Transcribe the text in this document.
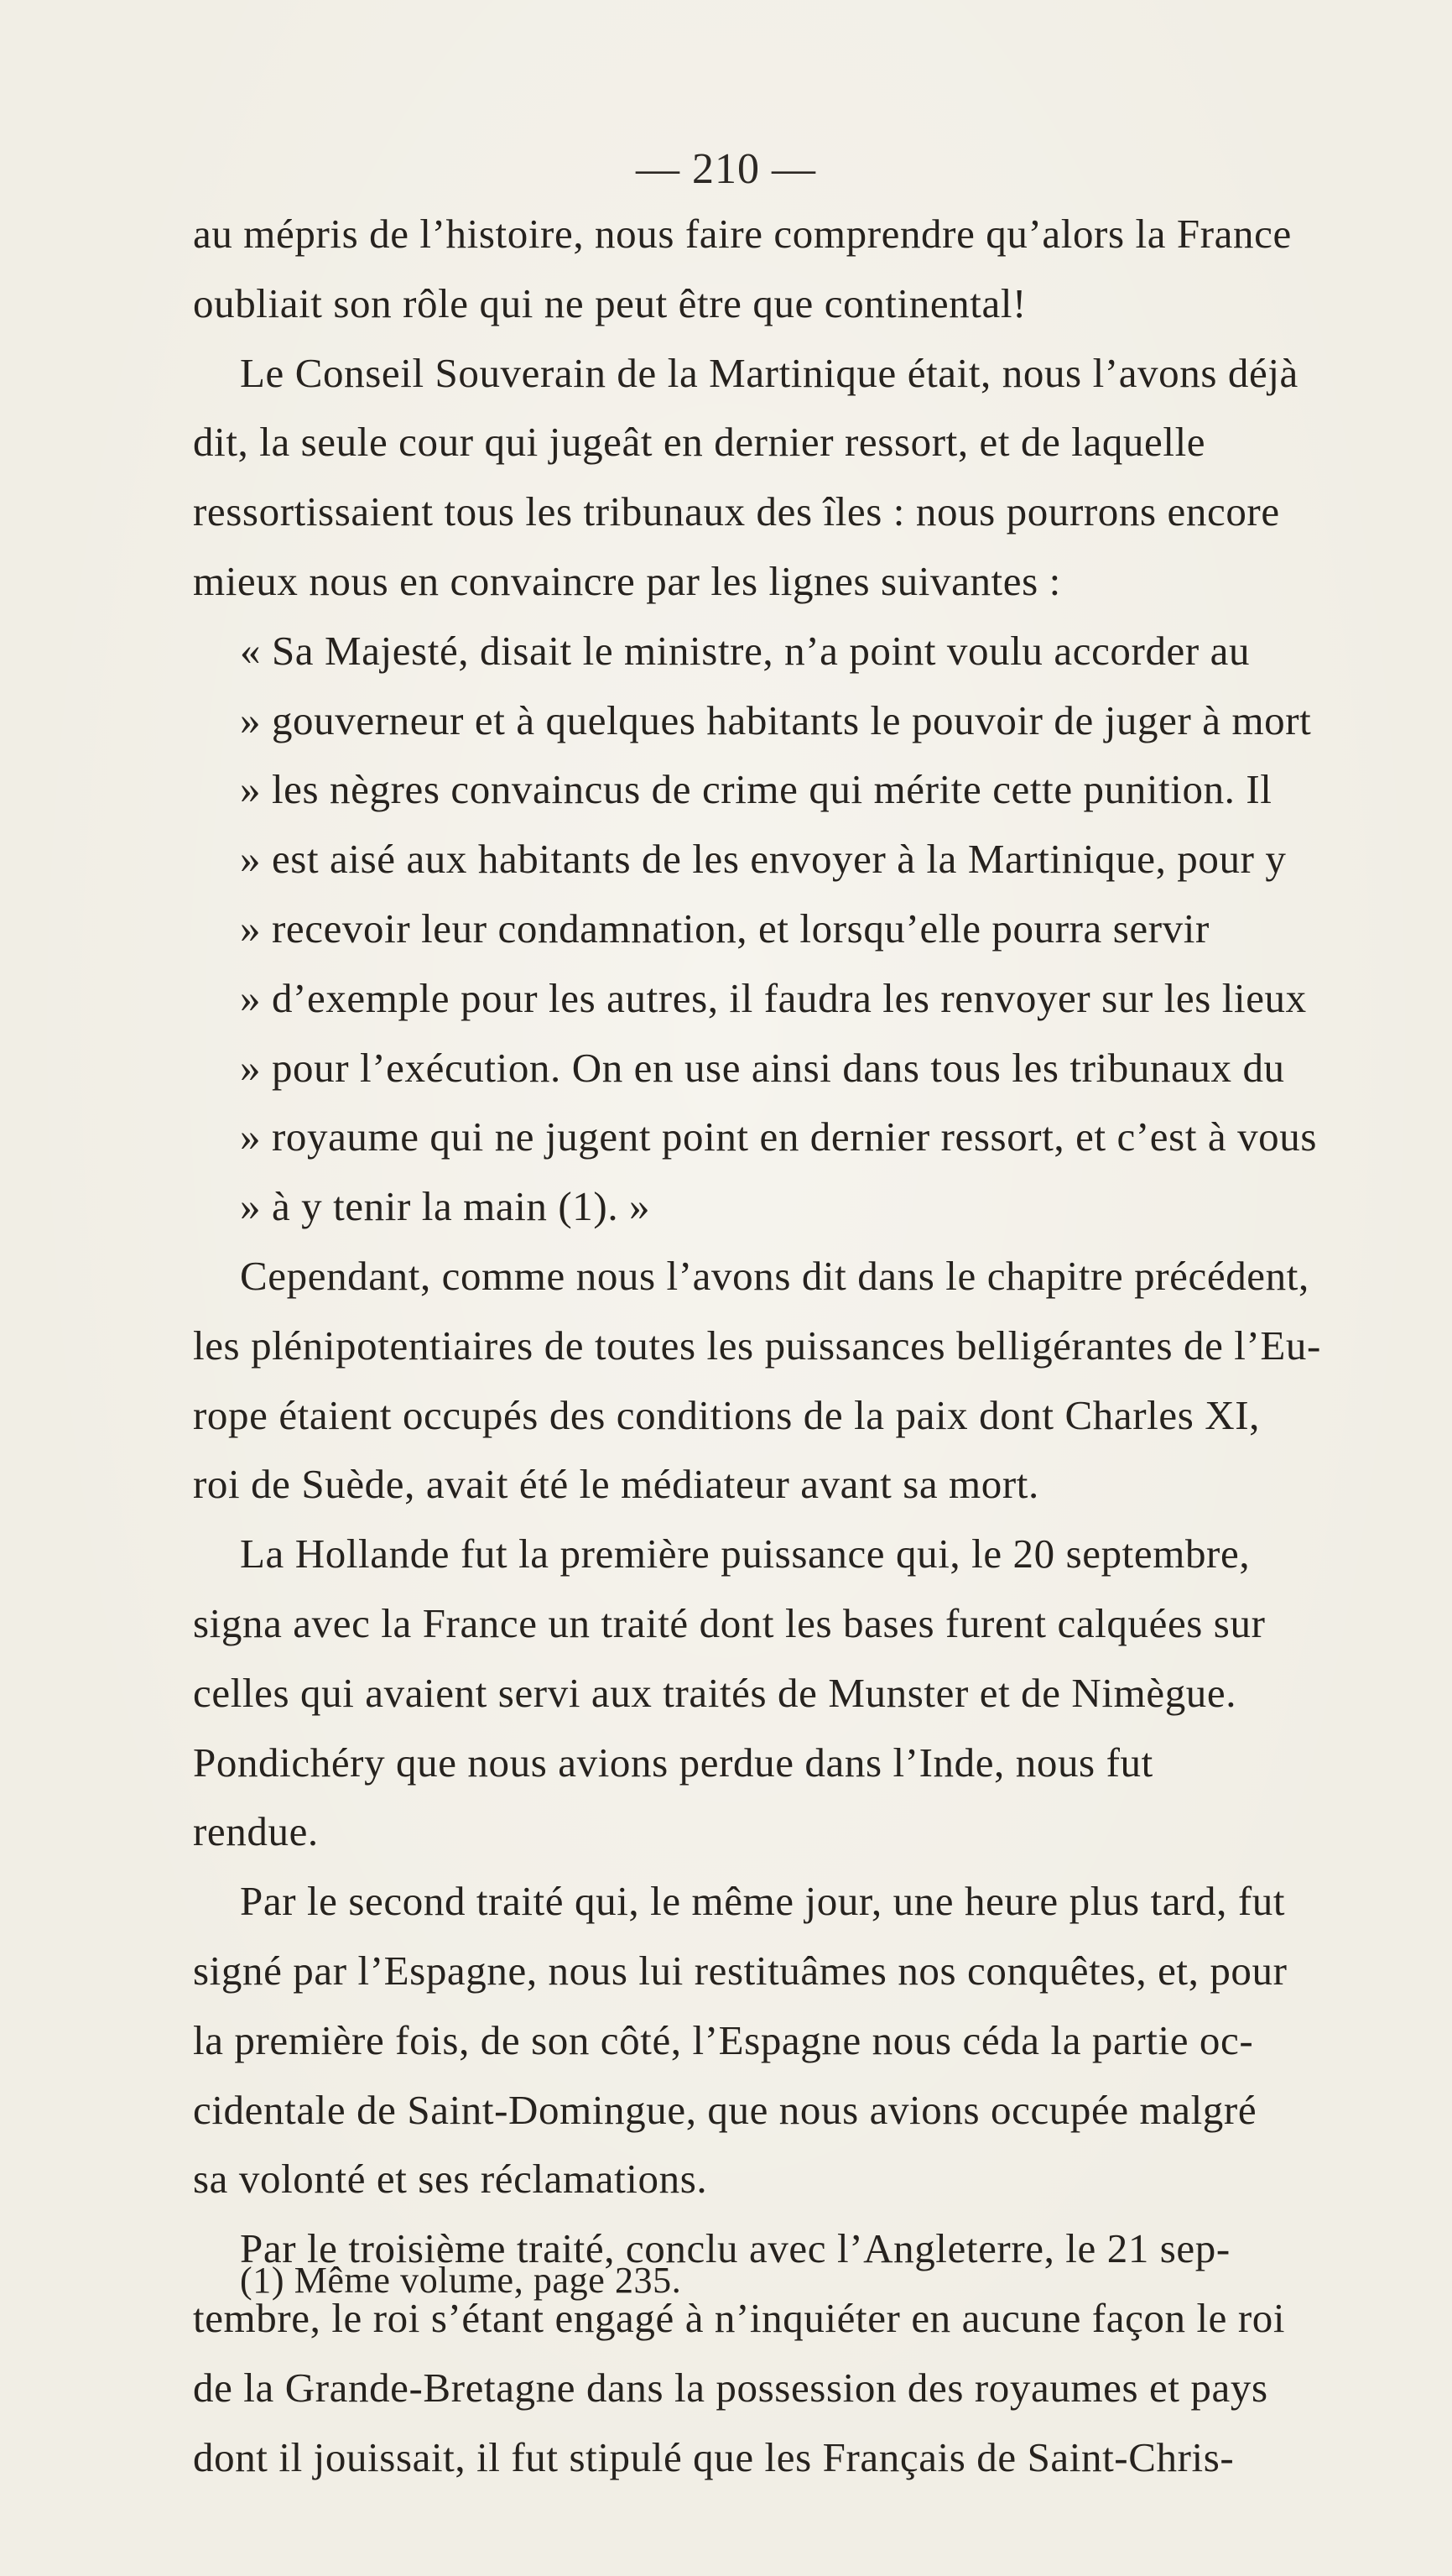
— 210 —
au mépris de l’histoire, nous faire comprendre qu’alors la France
oubliait son rôle qui ne peut être que continental!
Le Conseil Souverain de la Martinique était, nous l’avons déjà
dit, la seule cour qui jugeât en dernier ressort, et de laquelle
ressortissaient tous les tribunaux des îles : nous pourrons encore
mieux nous en convaincre par les lignes suivantes :
« Sa Majesté, disait le ministre, n’a point voulu accorder au
» gouverneur et à quelques habitants le pouvoir de juger à mort
» les nègres convaincus de crime qui mérite cette punition. Il
» est aisé aux habitants de les envoyer à la Martinique, pour y
» recevoir leur condamnation, et lorsqu’elle pourra servir
» d’exemple pour les autres, il faudra les renvoyer sur les lieux
» pour l’exécution. On en use ainsi dans tous les tribunaux du
» royaume qui ne jugent point en dernier ressort, et c’est à vous
» à y tenir la main (1). »
Cependant, comme nous l’avons dit dans le chapitre précédent,
les plénipotentiaires de toutes les puissances belligérantes de l’Eu-
rope étaient occupés des conditions de la paix dont Charles XI,
roi de Suède, avait été le médiateur avant sa mort.
La Hollande fut la première puissance qui, le 20 septembre,
signa avec la France un traité dont les bases furent calquées sur
celles qui avaient servi aux traités de Munster et de Nimègue.
Pondichéry que nous avions perdue dans l’Inde, nous fut
rendue.
Par le second traité qui, le même jour, une heure plus tard, fut
signé par l’Espagne, nous lui restituâmes nos conquêtes, et, pour
la première fois, de son côté, l’Espagne nous céda la partie oc-
cidentale de Saint-Domingue, que nous avions occupée malgré
sa volonté et ses réclamations.
Par le troisième traité, conclu avec l’Angleterre, le 21 sep-
tembre, le roi s’étant engagé à n’inquiéter en aucune façon le roi
de la Grande-Bretagne dans la possession des royaumes et pays
dont il jouissait, il fut stipulé que les Français de Saint-Chris-
(1) Même volume, page 235.
